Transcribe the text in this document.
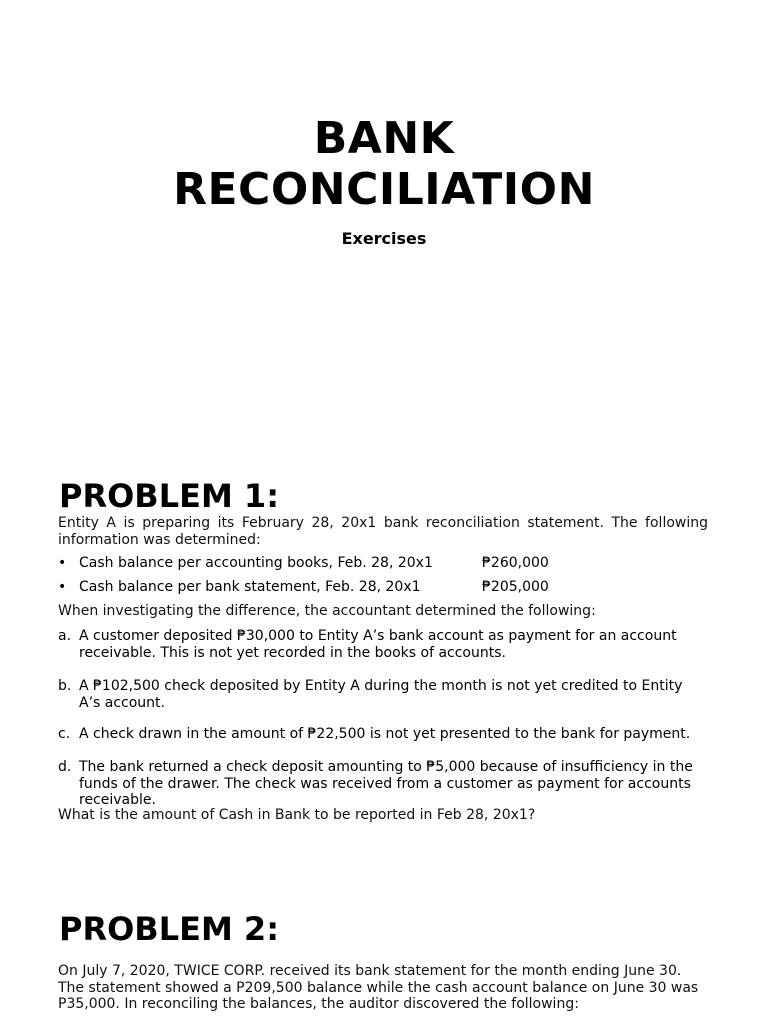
BANK
RECONCILIATION
Exercises
PROBLEM 1:
Entity A is preparing its February 28, 20x1 bank reconciliation statement. The following information was determined:
• Cash balance per accounting books, Feb. 28, 20x1	₱260,000
• Cash balance per bank statement, Feb. 28, 20x1	₱205,000
When investigating the difference, the accountant determined the following:
a. A customer deposited ₱30,000 to Entity A’s bank account as payment for an account receivable. This is not yet recorded in the books of accounts.
b. A ₱102,500 check deposited by Entity A during the month is not yet credited to Entity A’s account.
c. A check drawn in the amount of ₱22,500 is not yet presented to the bank for payment.
d. The bank returned a check deposit amounting to ₱5,000 because of insufficiency in the funds of the drawer. The check was received from a customer as payment for accounts receivable.
What is the amount of Cash in Bank to be reported in Feb 28, 20x1?
PROBLEM 2:
On July 7, 2020, TWICE CORP. received its bank statement for the month ending June 30. The statement showed a P209,500 balance while the cash account balance on June 30 was P35,000. In reconciling the balances, the auditor discovered the following:
